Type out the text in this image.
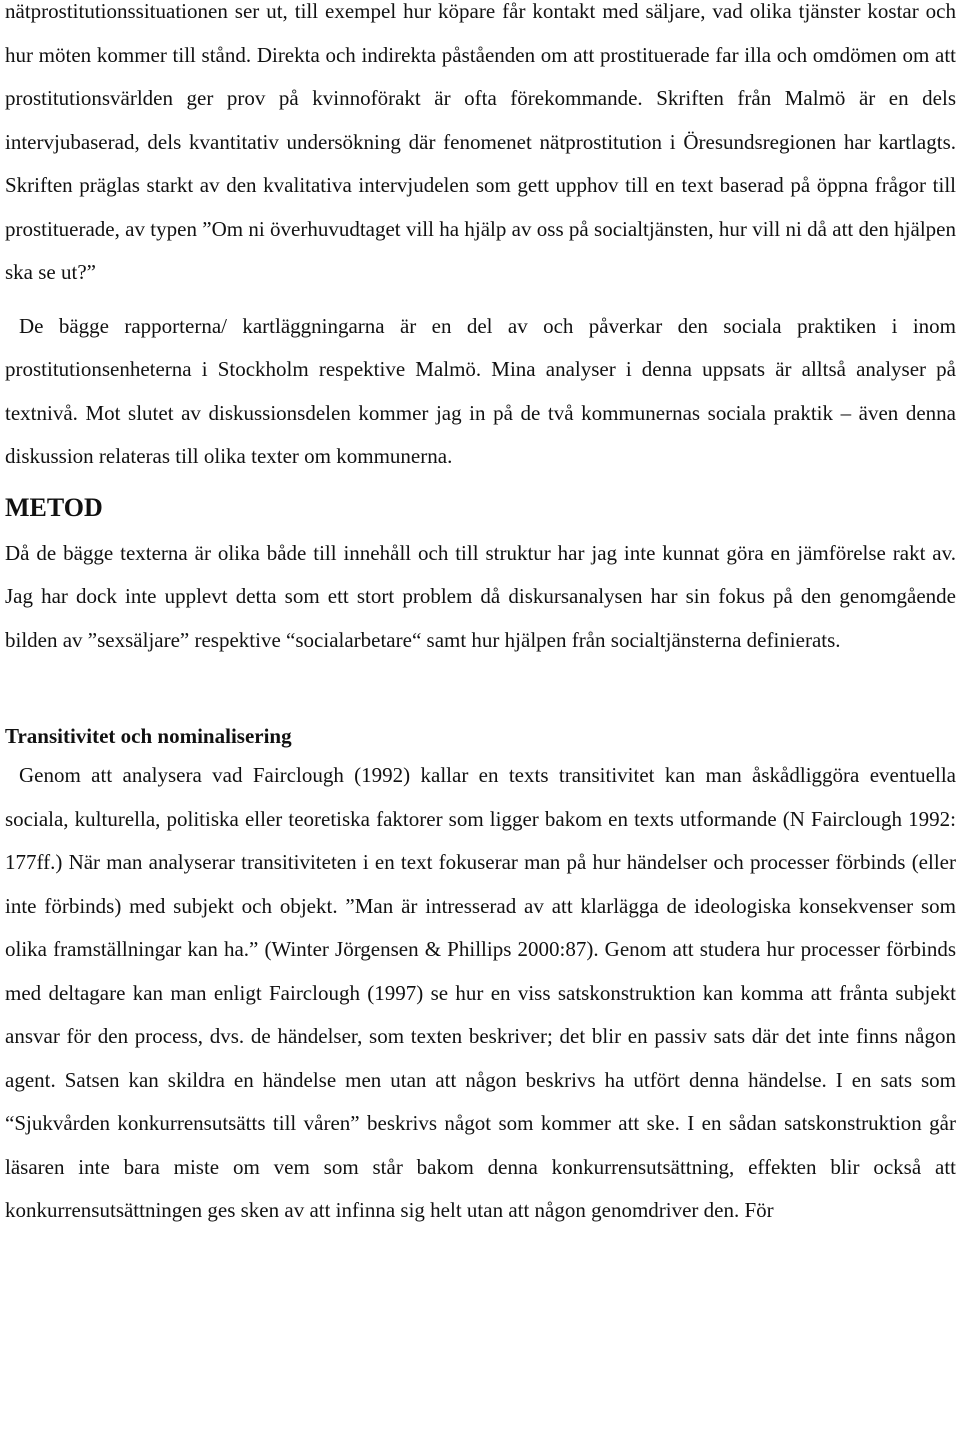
nätprostitutionssituationen ser ut, till exempel hur köpare får kontakt med säljare, vad olika tjänster kostar och hur möten kommer till stånd. Direkta och indirekta påståenden om att prostituerade far illa och omdömen om att prostitutionsvärlden ger prov på kvinnoförakt är ofta förekommande. Skriften från Malmö är en dels intervjubaserad, dels kvantitativ undersökning där fenomenet nätprostitution i Öresundsregionen har kartlagts. Skriften präglas starkt av den kvalitativa intervjudelen som gett upphov till en text baserad på öppna frågor till prostituerade, av typen ”Om ni överhuvudtaget vill ha hjälp av oss på socialtjänsten, hur vill ni då att den hjälpen ska se ut?”

De bägge rapporterna/ kartläggningarna är en del av och påverkar den sociala praktiken i inom prostitutionsenheterna i Stockholm respektive Malmö. Mina analyser i denna uppsats är alltså analyser på textnivå. Mot slutet av diskussionsdelen kommer jag in på de två kommunernas sociala praktik – även denna diskussion relateras till olika texter om kommunerna.

METOD

Då de bägge texterna är olika både till innehåll och till struktur har jag inte kunnat göra en jämförelse rakt av. Jag har dock inte upplevt detta som ett stort problem då diskursanalysen har sin fokus på den genomgående bilden av ”sexsäljare” respektive “socialarbetare“ samt hur hjälpen från socialtjänsterna definierats.

Transitivitet och nominalisering

Genom att analysera vad Fairclough (1992) kallar en texts transitivitet kan man åskådliggöra eventuella sociala, kulturella, politiska eller teoretiska faktorer som ligger bakom en texts utformande (N Fairclough 1992: 177ff.) När man analyserar transitiviteten i en text fokuserar man på hur händelser och processer förbinds (eller inte förbinds) med subjekt och objekt. ”Man är intresserad av att klarlägga de ideologiska konsekvenser som olika framställningar kan ha.” (Winter Jörgensen & Phillips 2000:87). Genom att studera hur processer förbinds med deltagare kan man enligt Fairclough (1997) se hur en viss satskonstruktion kan komma att frånta subjekt ansvar för den process, dvs. de händelser, som texten beskriver; det blir en passiv sats där det inte finns någon agent. Satsen kan skildra en händelse men utan att någon beskrivs ha utfört denna händelse. I en sats som “Sjukvården konkurrensutsätts till våren” beskrivs något som kommer att ske. I en sådan satskonstruktion går läsaren inte bara miste om vem som står bakom denna konkurrensutsättning, effekten blir också att konkurrensutsättningen ges sken av att infinna sig helt utan att någon genomdriver den. För
